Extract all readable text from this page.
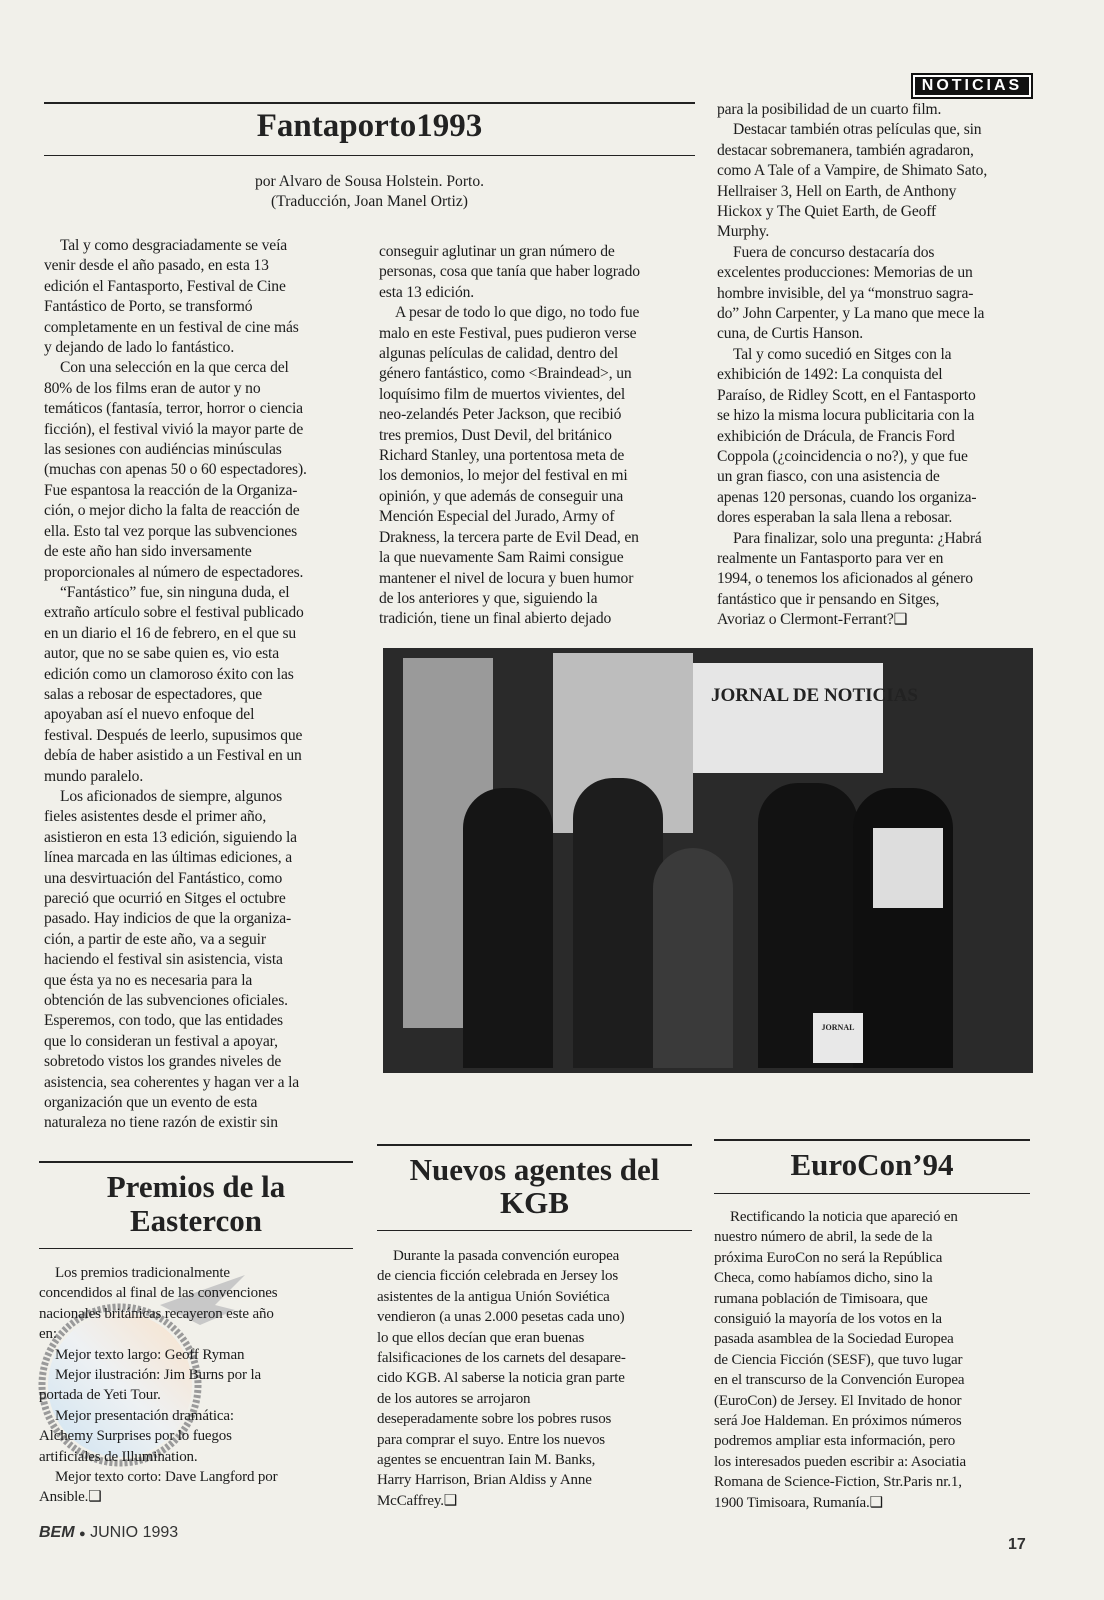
NOTICIAS
Fantaporto1993
por Alvaro de Sousa Holstein. Porto.
(Traducción, Joan Manel Ortiz)

Tal y como desgraciadamente se veía
venir desde el año pasado, en esta 13
edición el Fantasporto, Festival de Cine
Fantástico de Porto, se transformó
completamente en un festival de cine más
y dejando de lado lo fantástico.

Con una selección en la que cerca del
80% de los films eran de autor y no
temáticos (fantasía, terror, horror o ciencia
ficción), el festival vivió la mayor parte de
las sesiones con audiéncias minúsculas
(muchas con apenas 50 o 60 espectadores).
Fue espantosa la reacción de la Organiza-
ción, o mejor dicho la falta de reacción de
ella. Esto tal vez porque las subvenciones
de este año han sido inversamente
proporcionales al número de espectadores.

“Fantástico” fue, sin ninguna duda, el
extraño artículo sobre el festival publicado
en un diario el 16 de febrero, en el que su
autor, que no se sabe quien es, vio esta
edición como un clamoroso éxito con las
salas a rebosar de espectadores, que
apoyaban así el nuevo enfoque del
festival. Después de leerlo, supusimos que
debía de haber asistido a un Festival en un
mundo paralelo.

Los aficionados de siempre, algunos
fieles asistentes desde el primer año,
asistieron en esta 13 edición, siguiendo la
línea marcada en las últimas ediciones, a
una desvirtuación del Fantástico, como
pareció que ocurrió en Sitges el octubre
pasado. Hay indicios de que la organiza-
ción, a partir de este año, va a seguir
haciendo el festival sin asistencia, vista
que ésta ya no es necesaria para la
obtención de las subvenciones oficiales.
Esperemos, con todo, que las entidades
que lo consideran un festival a apoyar,
sobretodo vistos los grandes niveles de
asistencia, sea coherentes y hagan ver a la
organización que un evento de esta
naturaleza no tiene razón de existir sin

conseguir aglutinar un gran número de
personas, cosa que tanía que haber logrado
esta 13 edición.

A pesar de todo lo que digo, no todo fue
malo en este Festival, pues pudieron verse
algunas películas de calidad, dentro del
género fantástico, como <Braindead>, un
loquísimo film de muertos vivientes, del
neo-zelandés Peter Jackson, que recibió
tres premios, Dust Devil, del británico
Richard Stanley, una portentosa meta de
los demonios, lo mejor del festival en mi
opinión, y que además de conseguir una
Mención Especial del Jurado, Army of
Drakness, la tercera parte de Evil Dead, en
la que nuevamente Sam Raimi consigue
mantener el nivel de locura y buen humor
de los anteriores y que, siguiendo la
tradición, tiene un final abierto dejado

para la posibilidad de un cuarto film.

Destacar también otras películas que, sin
destacar sobremanera, también agradaron,
como A Tale of a Vampire, de Shimato Sato,
Hellraiser 3, Hell on Earth, de Anthony
Hickox y The Quiet Earth, de Geoff
Murphy.

Fuera de concurso destacaría dos
excelentes producciones: Memorias de un
hombre invisible, del ya “monstruo sagra-
do” John Carpenter, y La mano que mece la
cuna, de Curtis Hanson.

Tal y como sucedió en Sitges con la
exhibición de 1492: La conquista del
Paraíso, de Ridley Scott, en el Fantasporto
se hizo la misma locura publicitaria con la
exhibición de Drácula, de Francis Ford
Coppola (¿coincidencia o no?), y que fue
un gran fiasco, con una asistencia de
apenas 120 personas, cuando los organiza-
dores esperaban la sala llena a rebosar.

Para finalizar, solo una pregunta: ¿Habrá
realmente un Fantasporto para ver en
1994, o tenemos los aficionados al género
fantástico que ir pensando en Sitges,
Avoriaz o Clermont-Ferrant?❑

JORNAL DE NOTICIAS
JORNAL
Premios de la
Eastercon

Los premios tradicionalmente
concendidos al final de las convenciones
nacionales británicas recayeron este año
en:

Mejor texto largo: Geoff Ryman

Mejor ilustración: Jim Burns por la
portada de Yeti Tour.

Mejor presentación dramática:
Alchemy Surprises por lo fuegos
artificiales de Illumination.

Mejor texto corto: Dave Langford por
Ansible.❑

Nuevos agentes del
KGB

Durante la pasada convención europea
de ciencia ficción celebrada en Jersey los
asistentes de la antigua Unión Soviética
vendieron (a unas 2.000 pesetas cada uno)
lo que ellos decían que eran buenas
falsificaciones de los carnets del desapare-
cido KGB. Al saberse la noticia gran parte
de los autores se arrojaron
deseperadamente sobre los pobres rusos
para comprar el suyo. Entre los nuevos
agentes se encuentran Iain M. Banks,
Harry Harrison, Brian Aldiss y Anne
McCaffrey.❑

EuroCon’94

Rectificando la noticia que apareció en
nuestro número de abril, la sede de la
próxima EuroCon no será la República
Checa, como habíamos dicho, sino la
rumana población de Timisoara, que
consiguió la mayoría de los votos en la
pasada asamblea de la Sociedad Europea
de Ciencia Ficción (SESF), que tuvo lugar
en el transcurso de la Convención Europea
(EuroCon) de Jersey. El Invitado de honor
será Joe Haldeman. En próximos números
podremos ampliar esta información, pero
los interesados pueden escribir a: Asociatia
Romana de Science-Fiction, Str.Paris nr.1,
1900 Timisoara, Rumanía.❑

BEM ● JUNIO 1993
17
